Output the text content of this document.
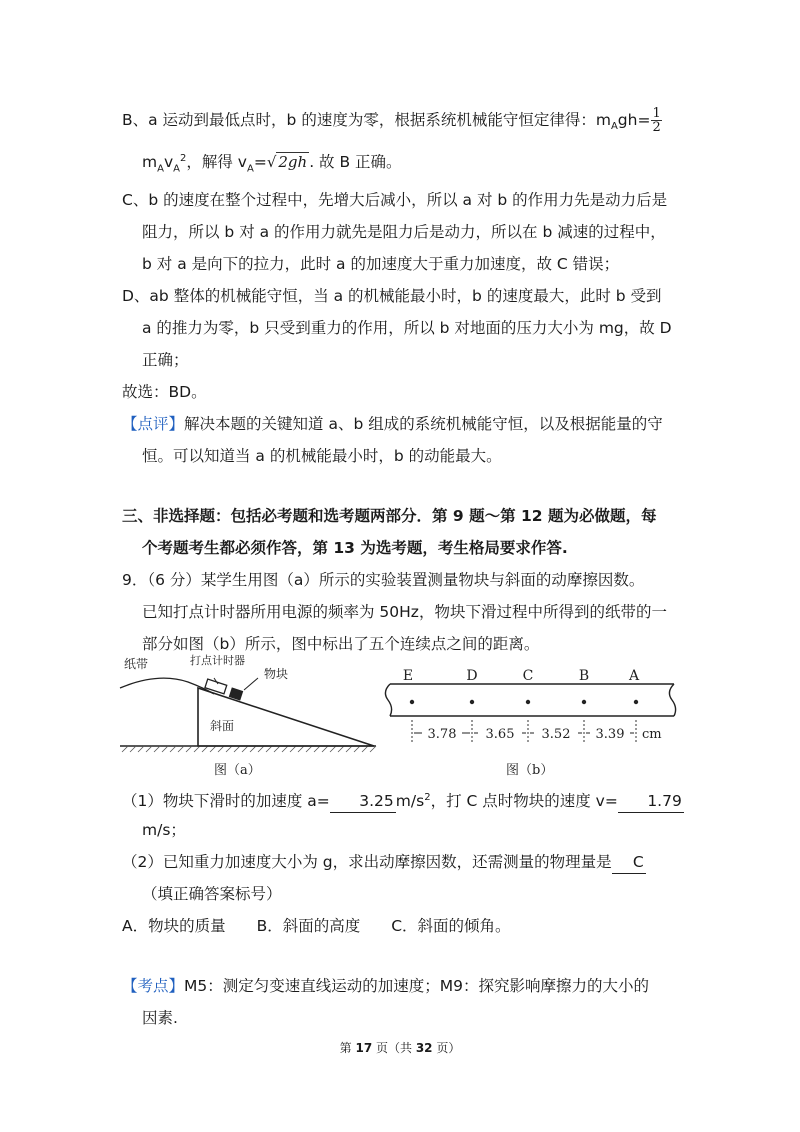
B、a 运动到最低点时，b 的速度为零，根据系统机械能守恒定律得：$m_Agh= \frac{1}{2}$
$m_Av_A^2$，解得 $v_A=√$ 2gh . 故 B 正确。
C、b 的速度在整个过程中，先增大后减小，所以 a 对 b 的作用力先是动力后是
阻力，所以 b 对 a 的作用力就先是阻力后是动力，所以在 b 减速的过程中，
b 对 a 是向下的拉力，此时 a 的加速度大于重力加速度，故 C 错误；
D、ab 整体的机械能守恒，当 a 的机械能最小时，b 的速度最大，此时 b 受到
a 的推力为零，b 只受到重力的作用，所以 b 对地面的压力大小为 mg，故 D
正确；
故选：BD。
【点评】解决本题的关键知道 a、b 组成的系统机械能守恒，以及根据能量的守
恒。可以知道当 a 的机械能最小时，b 的动能最大。
三、非选择题：包括必考题和选考题两部分．第 9 题～第 12 题为必做题，每
个考题考生都必须作答，第 13 为选考题，考生格局要求作答.
9．（6 分）某学生用图（a）所示的实验装置测量物块与斜面的动摩擦因数。
已知打点计时器所用电源的频率为 50Hz，物块下滑过程中所得到的纸带的一
部分如图（b）所示，图中标出了五个连续点之间的距离。
纸带	打点计时器
物块
斜面
图（a）
E	D	C	B	A
3.78 3.65 3.52 3.39 cm
图（b）
（1）物块下滑时的加速度 a= 3.25 $m/s^2$，打 C 点时物块的速度 v= 1.79
m/s；
（2）已知重力加速度大小为 g，求出动摩擦因数，还需测量的物理量是 C
（填正确答案标号）
A．物块的质量　　B．斜面的高度　　C．斜面的倾角。
【考点】M5：测定匀变速直线运动的加速度；M9：探究影响摩擦力的大小的
因素.
第 17 页（共 32 页）
